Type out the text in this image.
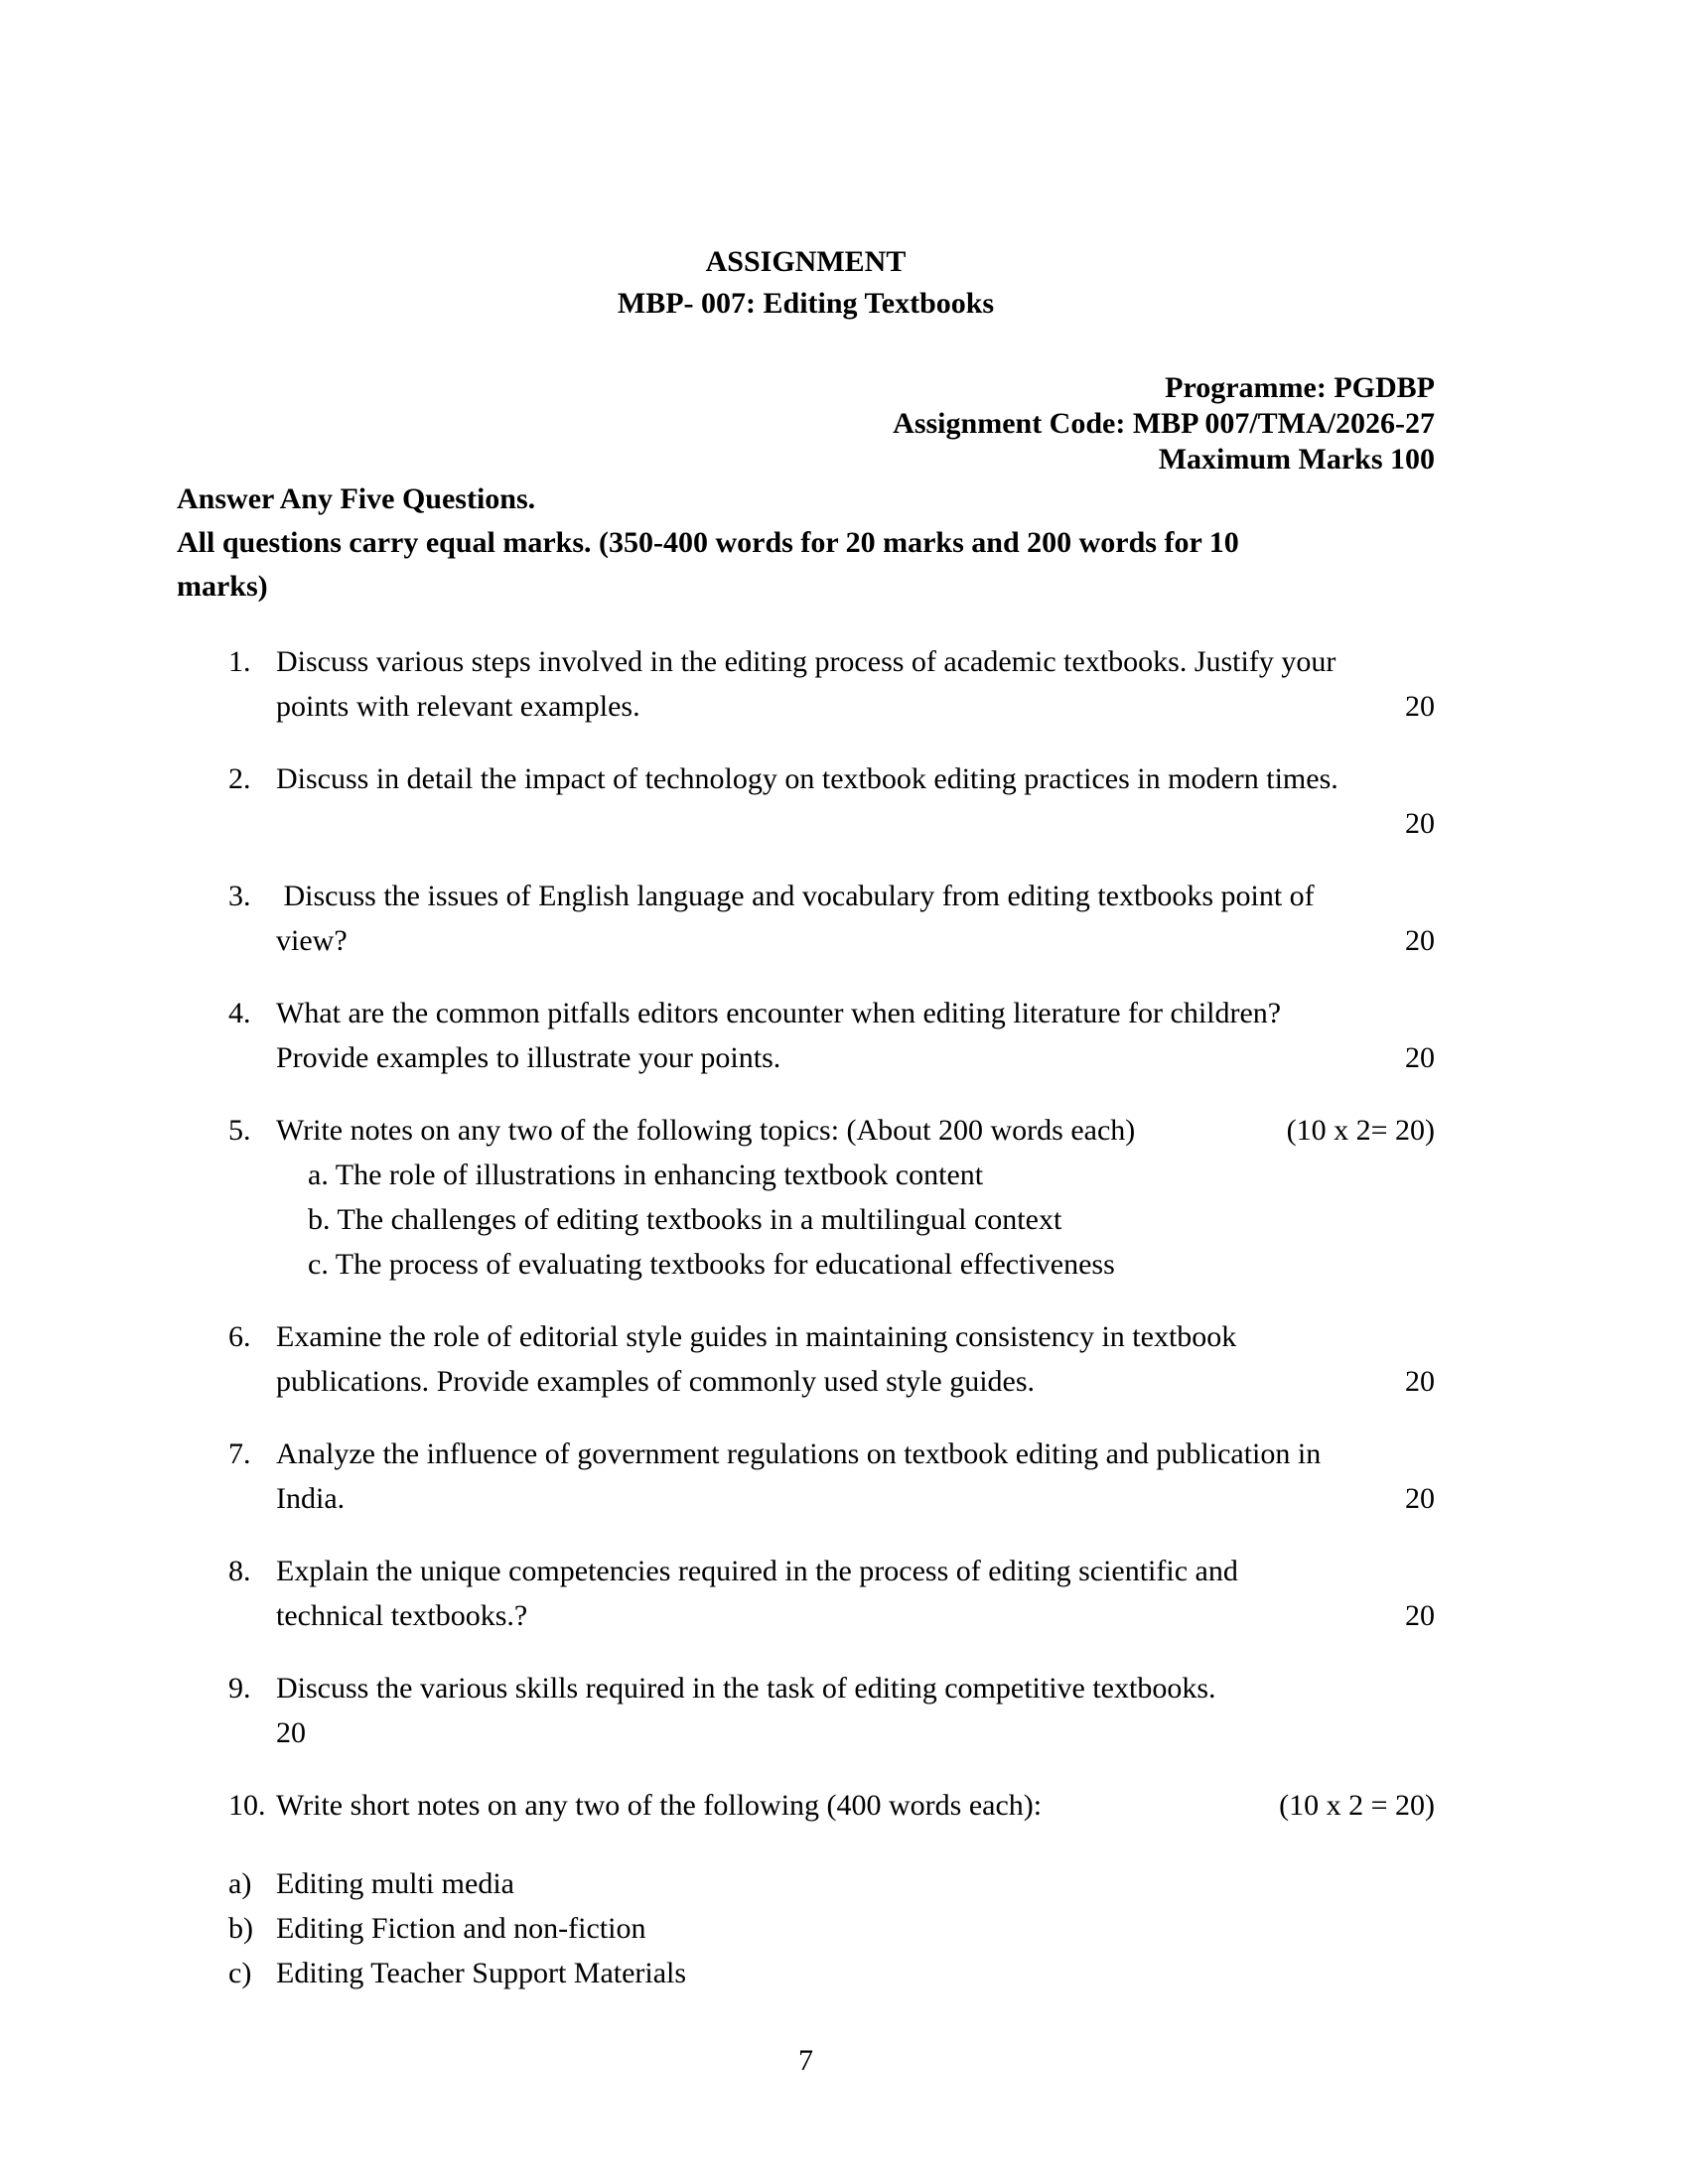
ASSIGNMENT
MBP- 007: Editing Textbooks
Programme: PGDBP
Assignment Code: MBP 007/TMA/2026-27
Maximum Marks 100
Answer Any Five Questions.
All questions carry equal marks. (350-400 words for 20 marks and 200 words for 10
marks)
1. Discuss various steps involved in the editing process of academic textbooks. Justify your
points with relevant examples.	20
2. Discuss in detail the impact of technology on textbook editing practices in modern times.
20
3. Discuss the issues of English language and vocabulary from editing textbooks point of
view?	20
4. What are the common pitfalls editors encounter when editing literature for children?
Provide examples to illustrate your points.	20
5. Write notes on any two of the following topics: (About 200 words each)	(10 x 2= 20)
a. The role of illustrations in enhancing textbook content
b. The challenges of editing textbooks in a multilingual context
c. The process of evaluating textbooks for educational effectiveness
6. Examine the role of editorial style guides in maintaining consistency in textbook
publications. Provide examples of commonly used style guides.	20
7. Analyze the influence of government regulations on textbook editing and publication in
India.	20
8. Explain the unique competencies required in the process of editing scientific and
technical textbooks.?	20
9. Discuss the various skills required in the task of editing competitive textbooks.
20
10. Write short notes on any two of the following (400 words each):	(10 x 2 = 20)
a) Editing multi media
b) Editing Fiction and non-fiction
c) Editing Teacher Support Materials
7
